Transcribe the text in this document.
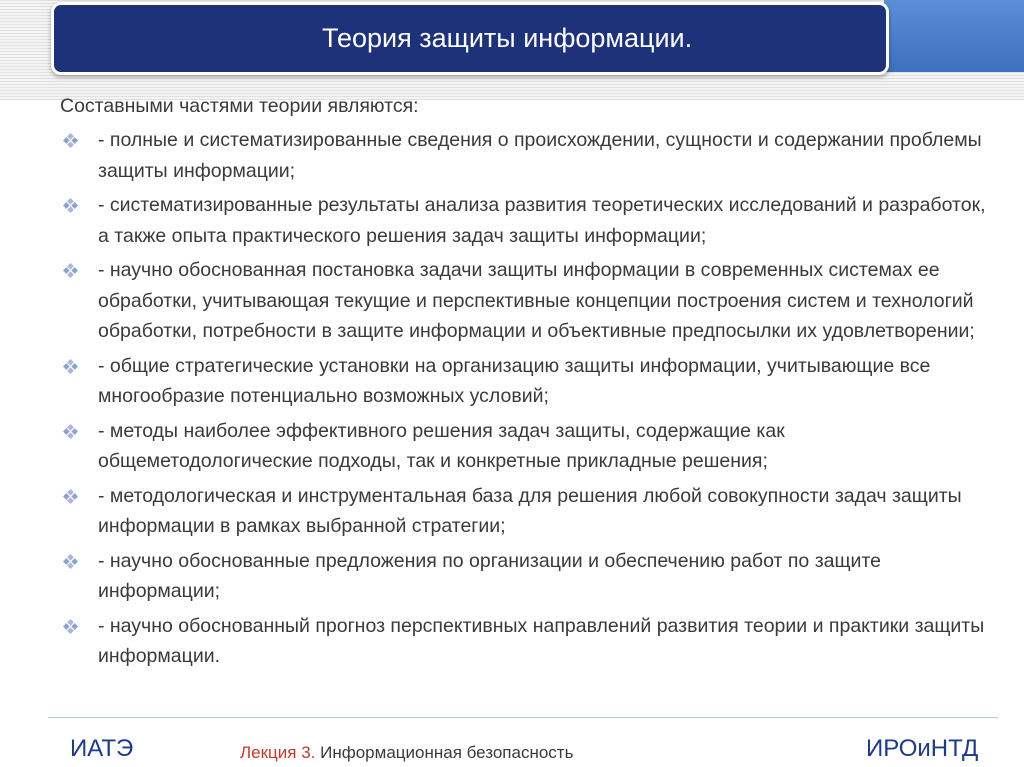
Теория защиты информации.
Составными частями теории являются:
- полные и систематизированные сведения о происхождении, сущности и содержании проблемы защиты информации;
- систематизированные результаты анализа развития теоретических исследований и разработок, а также опыта практического решения задач защиты информации;
- научно обоснованная постановка задачи защиты информации в современных системах ее обработки, учитывающая текущие и перспективные концепции построения систем и технологий обработки, потребности в защите информации и объективные предпосылки их удовлетворении;
- общие стратегические установки на организацию защиты информации, учитывающие все многообразие потенциально возможных условий;
- методы наиболее эффективного решения задач защиты, содержащие как общеметодологические подходы, так и конкретные прикладные решения;
- методологическая и инструментальная база для решения любой совокупности задач защиты информации в рамках выбранной стратегии;
- научно обоснованные предложения по организации и обеспечению работ по защите информации;
- научно обоснованный прогноз перспективных направлений развития теории и практики защиты информации.
ИАТЭ	Лекция 3. Информационная безопасность	ИРОиНТД
